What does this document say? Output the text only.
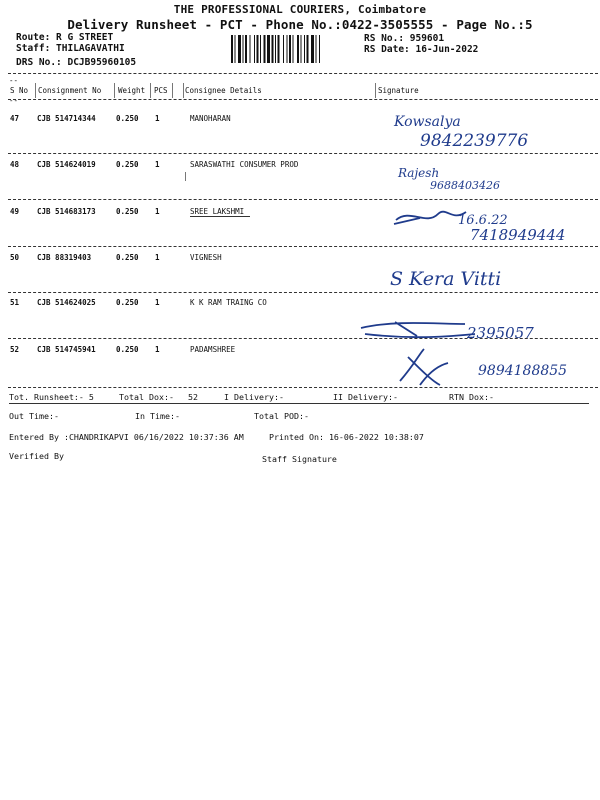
THE PROFESSIONAL COURIERS, Coimbatore
Delivery Runsheet - PCT - Phone No.:0422-3505555 - Page No.:5
Route: R G STREET
Staff: THILAGAVATHI
DRS No.: DCJB95960105
RS No.: 959601
RS Date: 16-Jun-2022
--
--
S No Consignment No Weight PCS Consignee Details	Signature
47 CJB 514714344	0.250 1	MANOHARAN	Kowsalya
9842239776
48 CJB 514624019	0.250 1	SARASWATHI CONSUMER PROD
Rajesh
9688403426
49 CJB 514683173	0.250 1	SREE LAKSHMI
16.6.22
7418949444
50 CJB 88319403	0.250 1	VIGNESH
S Kera Vitti
51 CJB 514624025	0.250 1	K K RAM TRAING CO
2395057
52 CJB 514745941	0.250 1	PADAMSHREE
9894188855
Tot. Runsheet:- 5	Total Dox:- 52	I Delivery:-	II Delivery:-	RTN Dox:-
Out Time:-	In Time:-	Total POD:-
Entered By :CHANDRIKAPVI 06/16/2022 10:37:36 AM	Printed On: 16-06-2022 10:38:07
Verified By	Staff Signature
